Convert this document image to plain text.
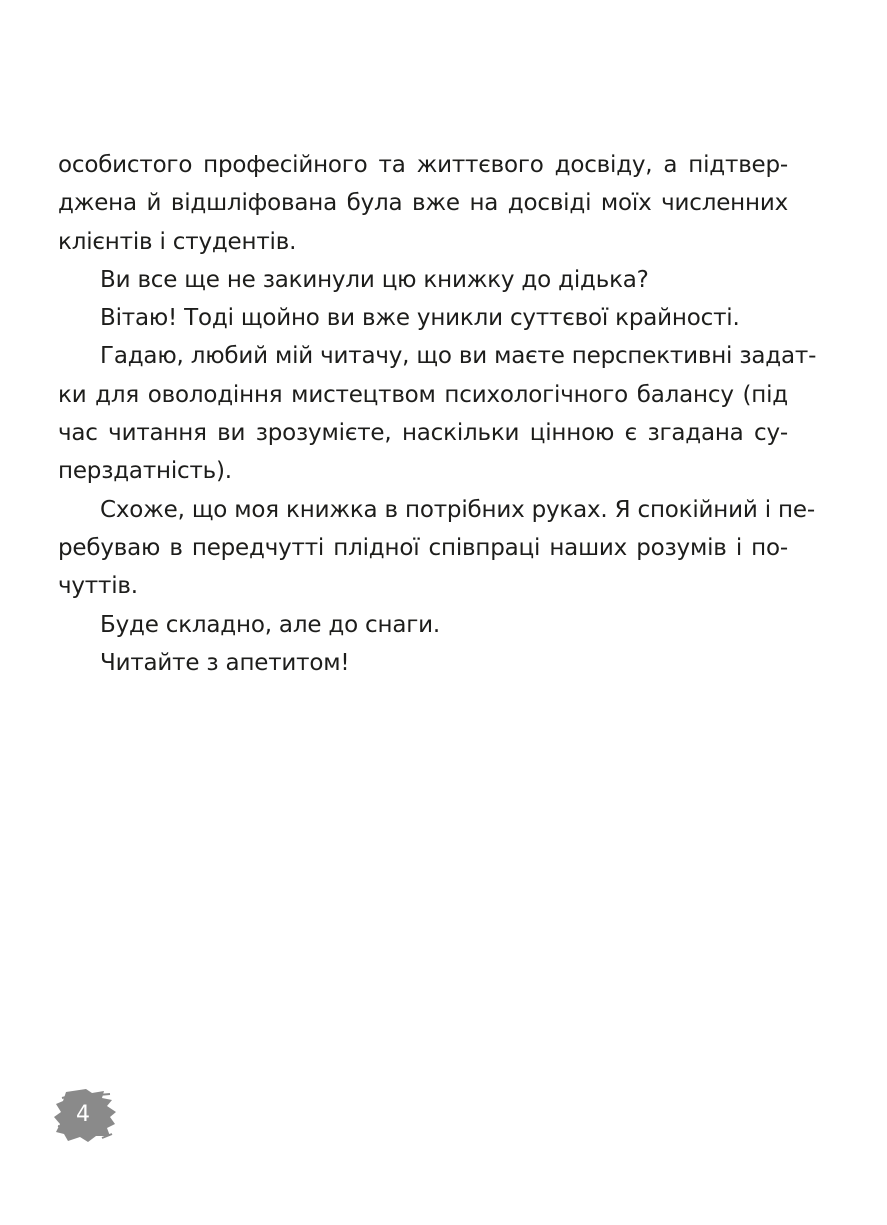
особистого професійного та життєвого досвіду, а підтвер-
джена й відшліфована була вже на досвіді моїх численних
клієнтів і студентів.
Ви все ще не закинули цю книжку до дідька?
Вітаю! Тоді щойно ви вже уникли суттєвої крайності.
Гадаю, любий мій читачу, що ви маєте перспективні задат-
ки для оволодіння мистецтвом психологічного балансу (під
час читання ви зрозумієте, наскільки цінною є згадана су-
перздатність).
Схоже, що моя книжка в потрібних руках. Я спокійний і пе-
ребуваю в передчутті плідної співпраці наших розумів і по-
чуттів.
Буде складно, але до снаги.
Читайте з апетитом!
4
